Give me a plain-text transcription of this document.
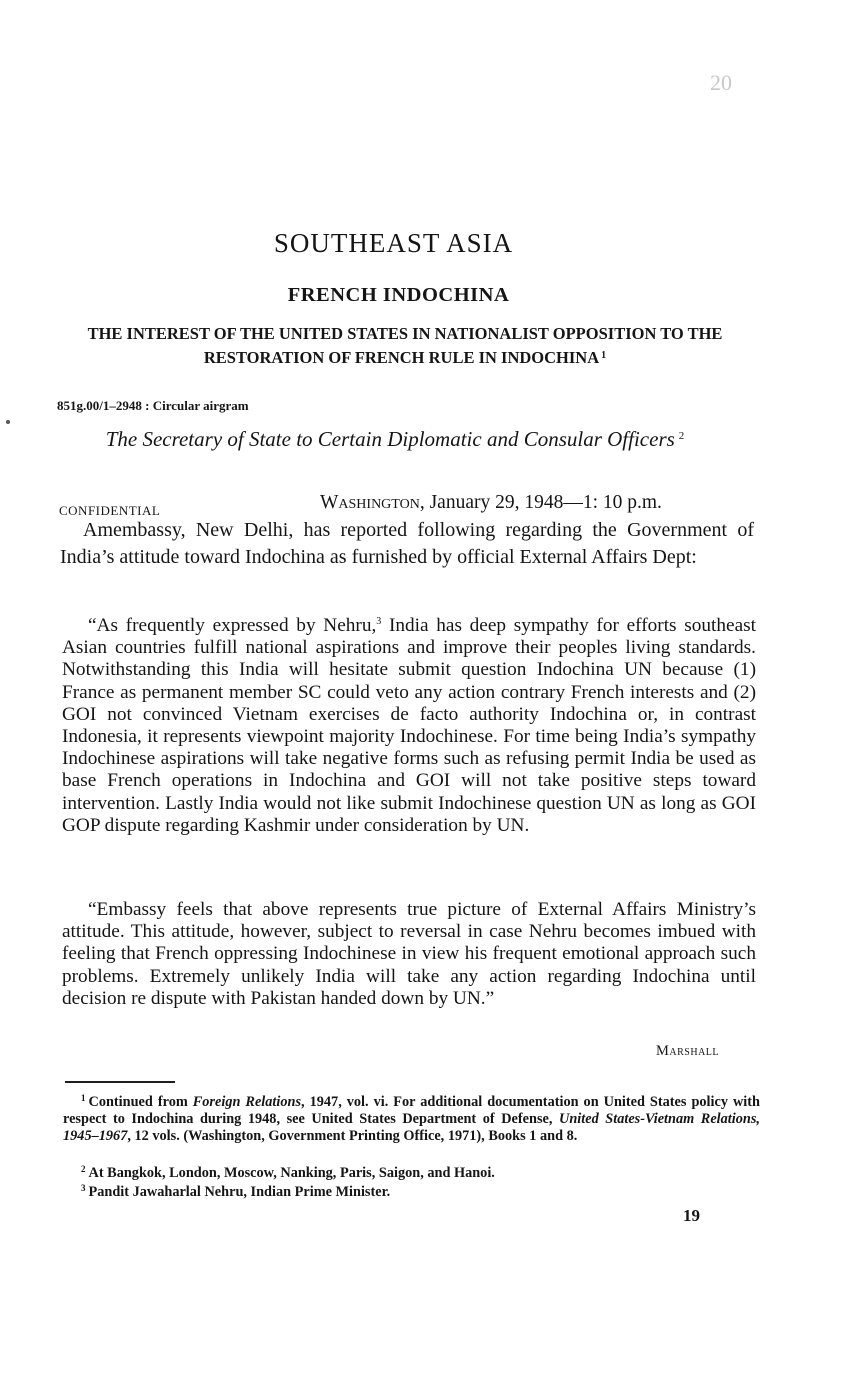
20
SOUTHEAST ASIA
FRENCH INDOCHINA
THE INTEREST OF THE UNITED STATES IN NATIONALIST OPPOSITION TO THE RESTORATION OF FRENCH RULE IN INDOCHINA $^1$
851g.00/1–2948 : Circular airgram
The Secretary of State to Certain Diplomatic and Consular Officers $^2$
CONFIDENTIAL	Washington, January 29, 1948—1: 10 p.m.

Amembassy, New Delhi, has reported following regarding the Government of India’s attitude toward Indochina as furnished by official External Affairs Dept:

“As frequently expressed by Nehru,$^3$ India has deep sympathy for efforts southeast Asian countries fulfill national aspirations and improve their peoples living standards. Notwithstanding this India will hesitate submit question Indochina UN because (1) France as permanent member SC could veto any action contrary French interests and (2) GOI not convinced Vietnam exercises de facto authority Indochina or, in contrast Indonesia, it represents viewpoint majority Indochinese. For time being India’s sympathy Indochinese aspirations will take negative forms such as refusing permit India be used as base French operations in Indochina and GOI will not take positive steps toward intervention. Lastly India would not like submit Indochinese question UN as long as GOI GOP dispute regarding Kashmir under consideration by UN.

“Embassy feels that above represents true picture of External Affairs Ministry’s attitude. This attitude, however, subject to reversal in case Nehru becomes imbued with feeling that French oppressing Indochinese in view his frequent emotional approach such problems. Extremely unlikely India will take any action regarding Indochina until decision re dispute with Pakistan handed down by UN.”

Marshall

$^1$ Continued from Foreign Relations, 1947, vol. vi. For additional documentation on United States policy with respect to Indochina during 1948, see United States Department of Defense, United States-Vietnam Relations, 1945–1967, 12 vols. (Washington, Government Printing Office, 1971), Books 1 and 8.

$^2$ At Bangkok, London, Moscow, Nanking, Paris, Saigon, and Hanoi.

$^3$ Pandit Jawaharlal Nehru, Indian Prime Minister.

19
